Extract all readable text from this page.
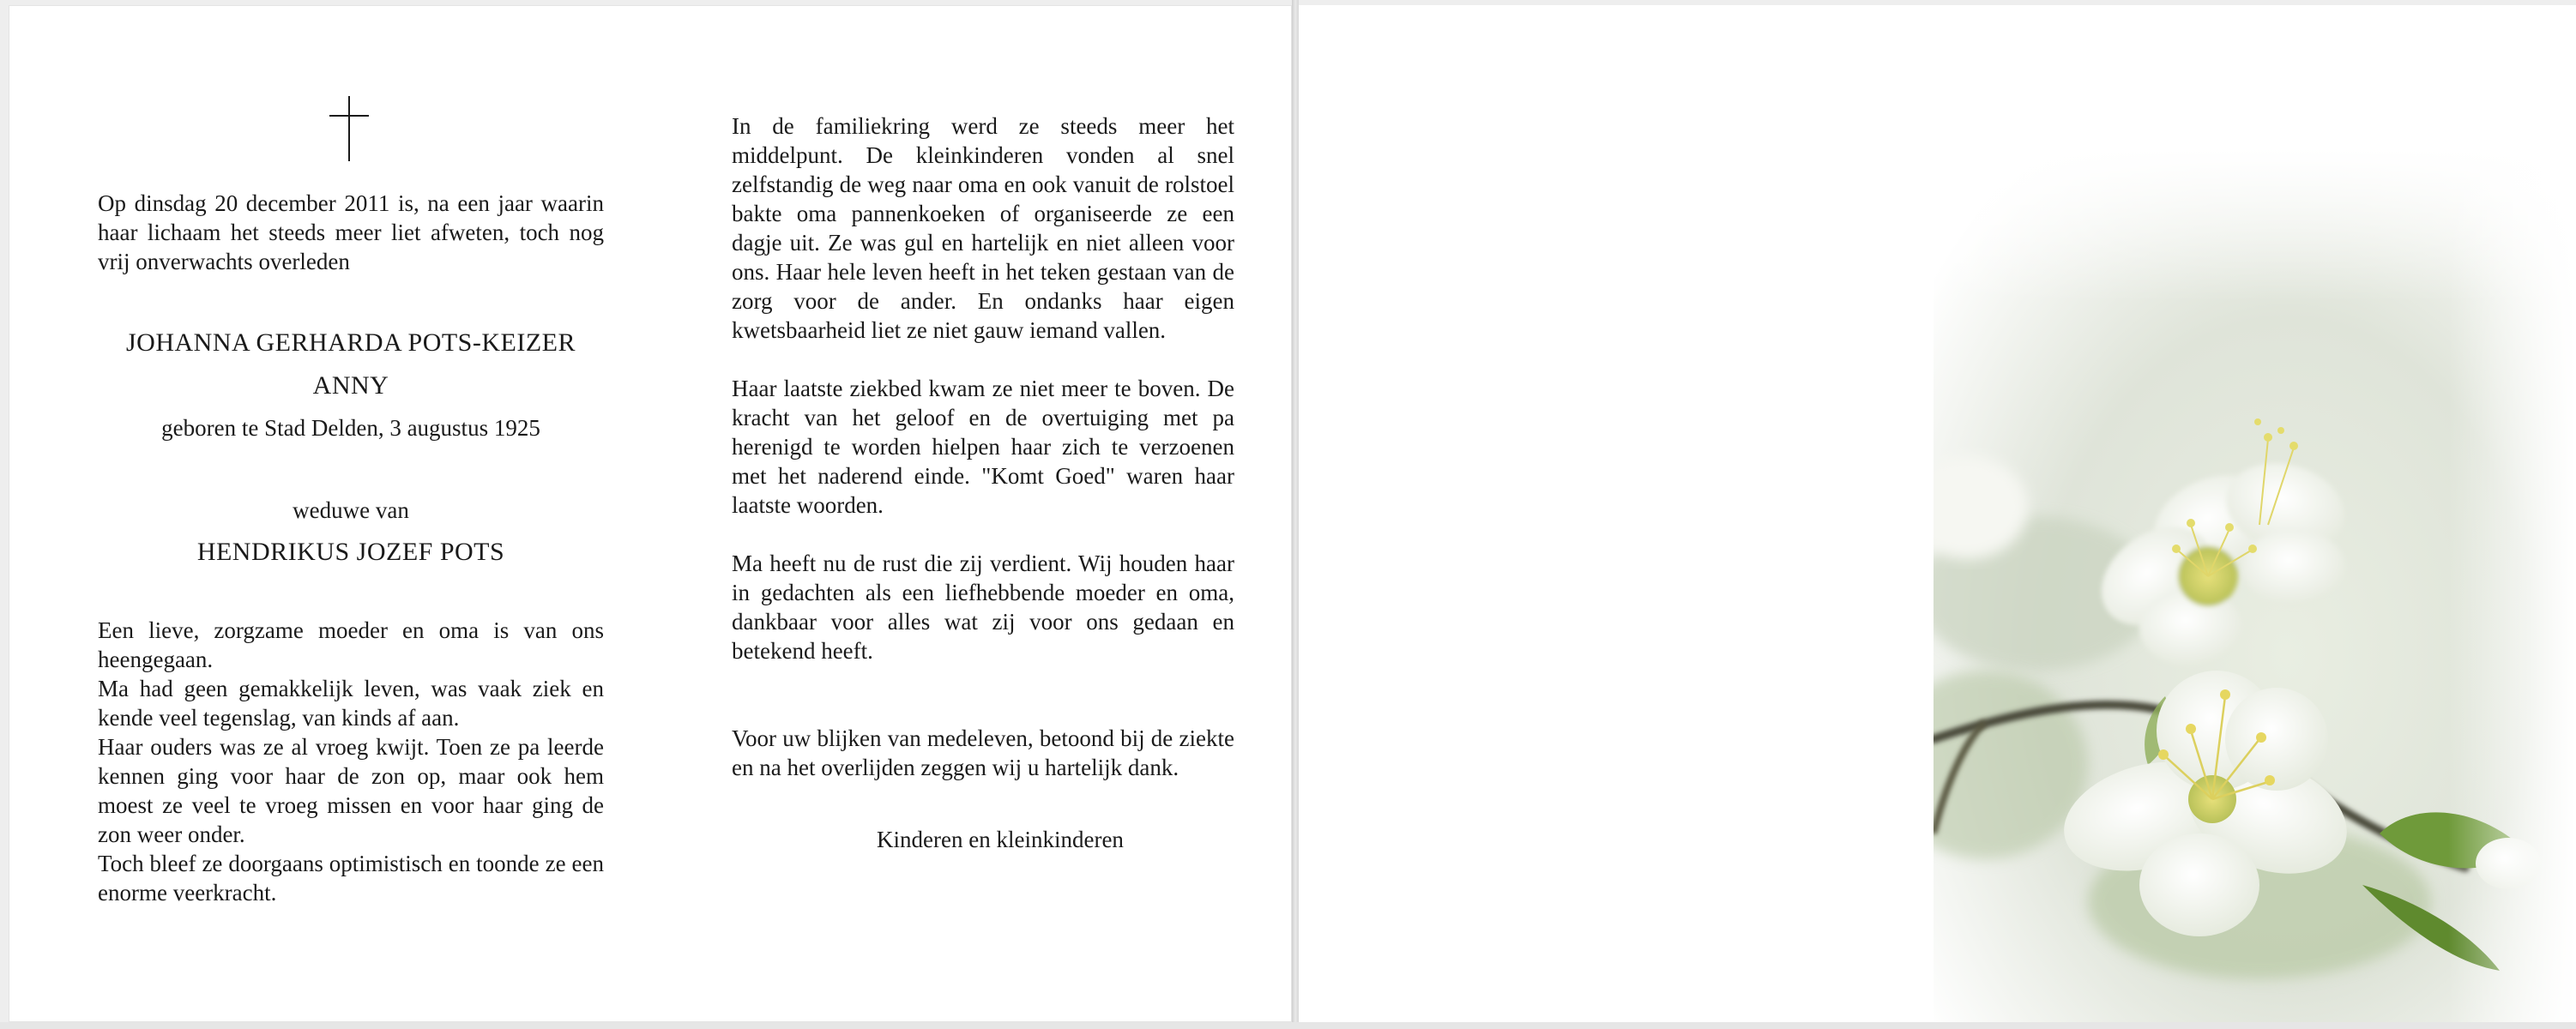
Op dinsdag 20 december 2011 is, na een jaar waarin haar lichaam het steeds meer liet afweten, toch nog vrij onverwachts overleden

JOHANNA GERHARDA POTS-KEIZER

ANNY

geboren te Stad Delden, 3 augustus 1925

weduwe van

HENDRIKUS JOZEF POTS

Een lieve, zorgzame moeder en oma is van ons heengegaan.

Ma had geen gemakkelijk leven, was vaak ziek en kende veel tegenslag, van kinds af aan.

Haar ouders was ze al vroeg kwijt. Toen ze pa leerde kennen ging voor haar de zon op, maar ook hem moest ze veel te vroeg missen en voor haar ging de zon weer onder.

Toch bleef ze doorgaans optimistisch en toonde ze een enorme veerkracht.

In de familiekring werd ze steeds meer het middelpunt. De kleinkinderen vonden al snel zelfstandig de weg naar oma en ook vanuit de rolstoel bakte oma pannenkoeken of organiseerde ze een dagje uit. Ze was gul en hartelijk en niet alleen voor ons. Haar hele leven heeft in het teken gestaan van de zorg voor de ander. En ondanks haar eigen kwetsbaarheid liet ze niet gauw iemand vallen.

Haar laatste ziekbed kwam ze niet meer te boven. De kracht van het geloof en de overtuiging met pa herenigd te worden hielpen haar zich te verzoenen met het naderend einde. "Komt Goed" waren haar laatste woorden.

Ma heeft nu de rust die zij verdient. Wij houden haar in gedachten als een liefhebbende moeder en oma, dankbaar voor alles wat zij voor ons gedaan en betekend heeft.

Voor uw blijken van medeleven, betoond bij de ziekte en na het overlijden zeggen wij u hartelijk dank.

Kinderen en kleinkinderen
